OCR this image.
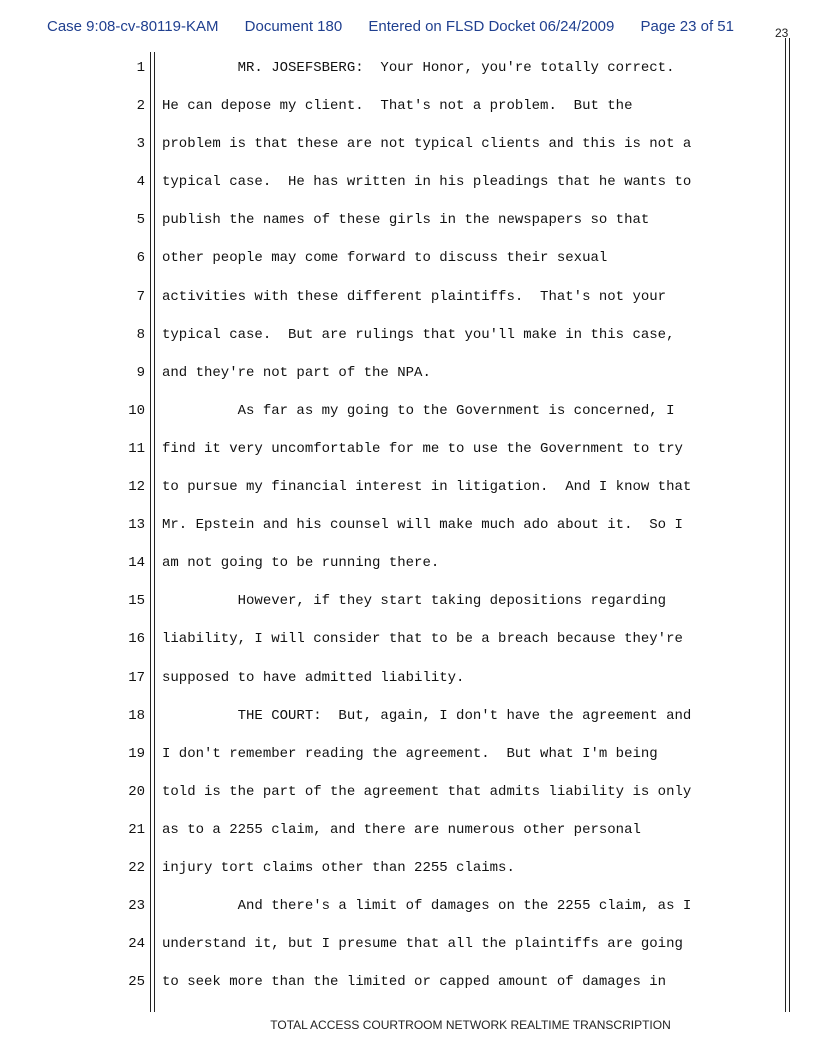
Case 9:08-cv-80119-KAM Document 180 Entered on FLSD Docket 06/24/2009 Page 23 of 51	23
1 MR. JOSEFSBERG:  Your Honor, you're totally correct.
2 He can depose my client.  That's not a problem.  But the
3 problem is that these are not typical clients and this is not a
4 typical case.  He has written in his pleadings that he wants to
5 publish the names of these girls in the newspapers so that
6 other people may come forward to discuss their sexual
7 activities with these different plaintiffs.  That's not your
8 typical case.  But are rulings that you'll make in this case,
9 and they're not part of the NPA.
10 As far as my going to the Government is concerned, I
11 find it very uncomfortable for me to use the Government to try
12 to pursue my financial interest in litigation.  And I know that
13 Mr. Epstein and his counsel will make much ado about it.  So I
14 am not going to be running there.
15 However, if they start taking depositions regarding
16 liability, I will consider that to be a breach because they're
17 supposed to have admitted liability.
18 THE COURT:  But, again, I don't have the agreement and
19 I don't remember reading the agreement.  But what I'm being
20 told is the part of the agreement that admits liability is only
21 as to a 2255 claim, and there are numerous other personal
22 injury tort claims other than 2255 claims.
23 And there's a limit of damages on the 2255 claim, as I
24 understand it, but I presume that all the plaintiffs are going
25 to seek more than the limited or capped amount of damages in
TOTAL ACCESS COURTROOM NETWORK REALTIME TRANSCRIPTION
